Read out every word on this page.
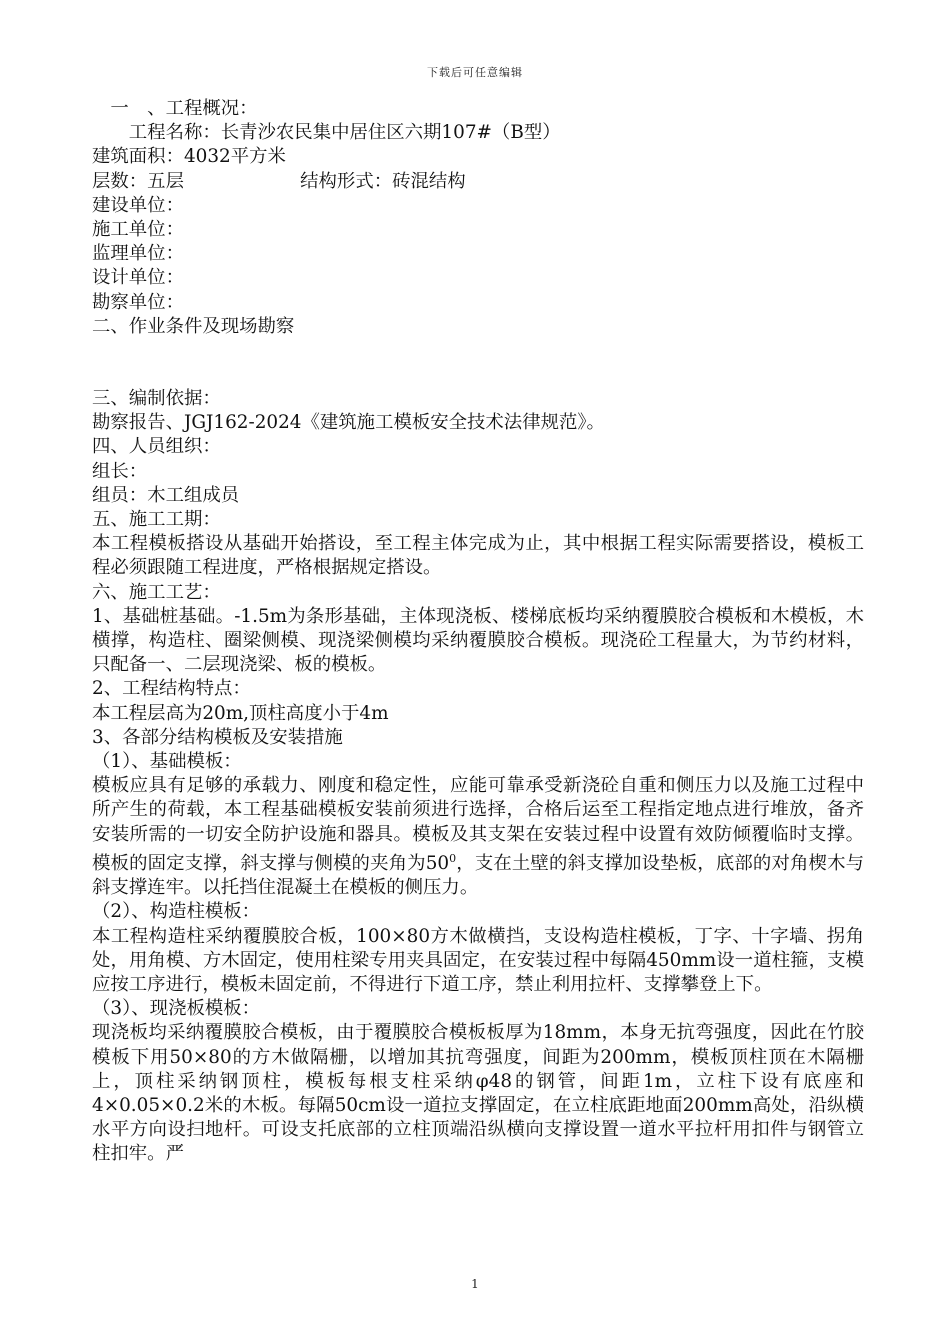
下载后可任意编辑

　一　、工程概况：

　　工程名称：长青沙农民集中居住区六期107#（B型）

建筑面积：4032平方米

层数：五层　　　　　　 结构形式：砖混结构

建设单位：

施工单位：

监理单位：

设计单位：

勘察单位：

二、作业条件及现场勘察

三、编制依据：

勘察报告、JGJ162-2024《建筑施工模板安全技术法律规范》。

四、人员组织：

组长：

组员：木工组成员

五、施工工期：

本工程模板搭设从基础开始搭设，至工程主体完成为止，其中根据工程实际需要搭设，模板工程必须跟随工程进度，严格根据规定搭设。

六、施工工艺：

1、基础桩基础。-1.5m为条形基础，主体现浇板、楼梯底板均采纳覆膜胶合模板和木模板，木横撑，构造柱、圈梁侧模、现浇梁侧模均采纳覆膜胶合模板。现浇砼工程量大，为节约材料，只配备一、二层现浇梁、板的模板。

2、工程结构特点：

本工程层高为20m,顶柱高度小于4m

3、各部分结构模板及安装措施

（1）、基础模板：

模板应具有足够的承载力、刚度和稳定性，应能可靠承受新浇砼自重和侧压力以及施工过程中所产生的荷载，本工程基础模板安装前须进行选择，合格后运至工程指定地点进行堆放，备齐安装所需的一切安全防护设施和器具。模板及其支架在安装过程中设置有效防倾覆临时支撑。模板的固定支撑，斜支撑与侧模的夹角为$50^0$，支在土壁的斜支撑加设垫板，底部的对角楔木与斜支撑连牢。以托挡住混凝土在模板的侧压力。

（2）、构造柱模板：

本工程构造柱采纳覆膜胶合板，100×80方木做横挡，支设构造柱模板，丁字、十字墙、拐角处，用角模、方木固定，使用柱梁专用夹具固定，在安装过程中每隔450mm设一道柱箍，支模应按工序进行，模板未固定前，不得进行下道工序，禁止利用拉杆、支撑攀登上下。

（3）、现浇板模板：

现浇板均采纳覆膜胶合模板，由于覆膜胶合模板板厚为18mm，本身无抗弯强度，因此在竹胶模板下用50×80的方木做隔栅，以增加其抗弯强度，间距为200mm，模板顶柱顶在木隔栅上，顶柱采纳钢顶柱，模板每根支柱采纳φ48的钢管，间距1m，立柱下设有底座和4×0.05×0.2米的木板。每隔50cm设一道拉支撑固定，在立柱底距地面200mm高处，沿纵横水平方向设扫地杆。可设支托底部的立柱顶端沿纵横向支撑设置一道水平拉杆用扣件与钢管立柱扣牢。严

1
